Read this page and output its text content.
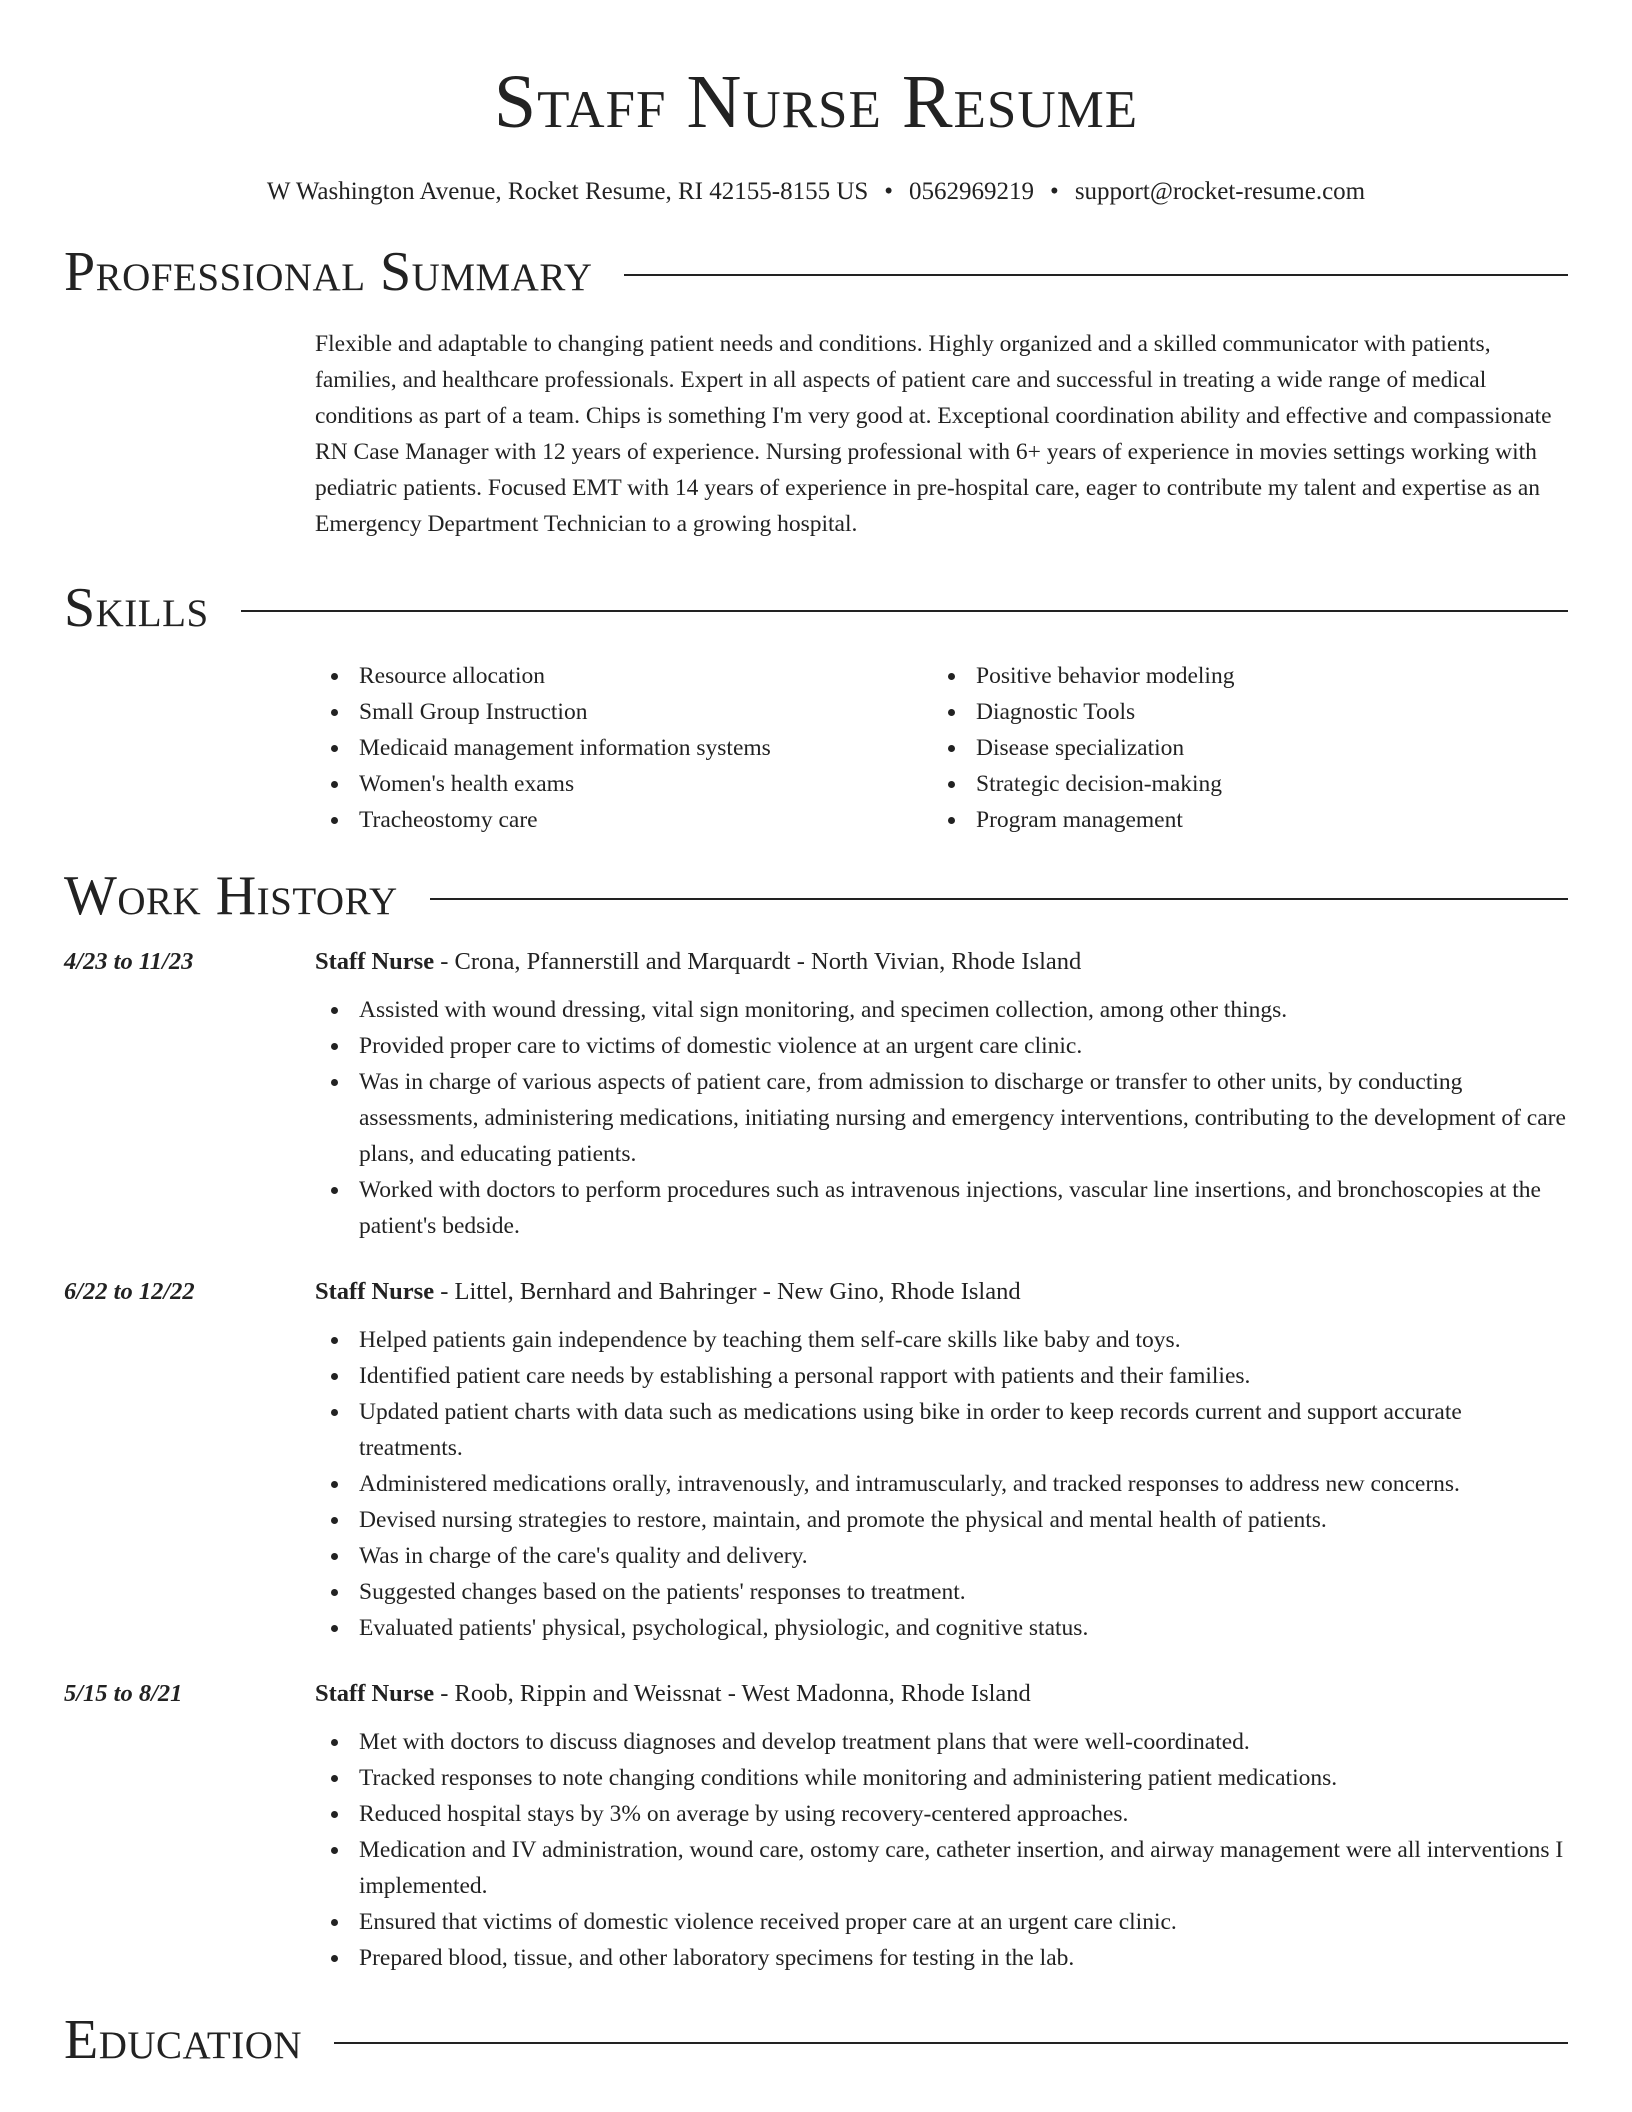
Staff Nurse Resume
W Washington Avenue, Rocket Resume, RI 42155-8155 US • 0562969219 • support@rocket-resume.com
Professional Summary
Flexible and adaptable to changing patient needs and conditions. Highly organized and a skilled communicator with patients, families, and healthcare professionals. Expert in all aspects of patient care and successful in treating a wide range of medical conditions as part of a team. Chips is something I'm very good at. Exceptional coordination ability and effective and compassionate RN Case Manager with 12 years of experience. Nursing professional with 6+ years of experience in movies settings working with pediatric patients. Focused EMT with 14 years of experience in pre-hospital care, eager to contribute my talent and expertise as an Emergency Department Technician to a growing hospital.
Skills
Resource allocation
Small Group Instruction
Medicaid management information systems
Women's health exams
Tracheostomy care
Positive behavior modeling
Diagnostic Tools
Disease specialization
Strategic decision-making
Program management
Work History
4/23 to 11/23	Staff Nurse - Crona, Pfannerstill and Marquardt - North Vivian, Rhode Island
Assisted with wound dressing, vital sign monitoring, and specimen collection, among other things.
Provided proper care to victims of domestic violence at an urgent care clinic.
Was in charge of various aspects of patient care, from admission to discharge or transfer to other units, by conducting assessments, administering medications, initiating nursing and emergency interventions, contributing to the development of care plans, and educating patients.
Worked with doctors to perform procedures such as intravenous injections, vascular line insertions, and bronchoscopies at the patient's bedside.
6/22 to 12/22	Staff Nurse - Littel, Bernhard and Bahringer - New Gino, Rhode Island
Helped patients gain independence by teaching them self-care skills like baby and toys.
Identified patient care needs by establishing a personal rapport with patients and their families.
Updated patient charts with data such as medications using bike in order to keep records current and support accurate treatments.
Administered medications orally, intravenously, and intramuscularly, and tracked responses to address new concerns.
Devised nursing strategies to restore, maintain, and promote the physical and mental health of patients.
Was in charge of the care's quality and delivery.
Suggested changes based on the patients' responses to treatment.
Evaluated patients' physical, psychological, physiologic, and cognitive status.
5/15 to 8/21	Staff Nurse - Roob, Rippin and Weissnat - West Madonna, Rhode Island
Met with doctors to discuss diagnoses and develop treatment plans that were well-coordinated.
Tracked responses to note changing conditions while monitoring and administering patient medications.
Reduced hospital stays by 3% on average by using recovery-centered approaches.
Medication and IV administration, wound care, ostomy care, catheter insertion, and airway management were all interventions I implemented.
Ensured that victims of domestic violence received proper care at an urgent care clinic.
Prepared blood, tissue, and other laboratory specimens for testing in the lab.
Education
